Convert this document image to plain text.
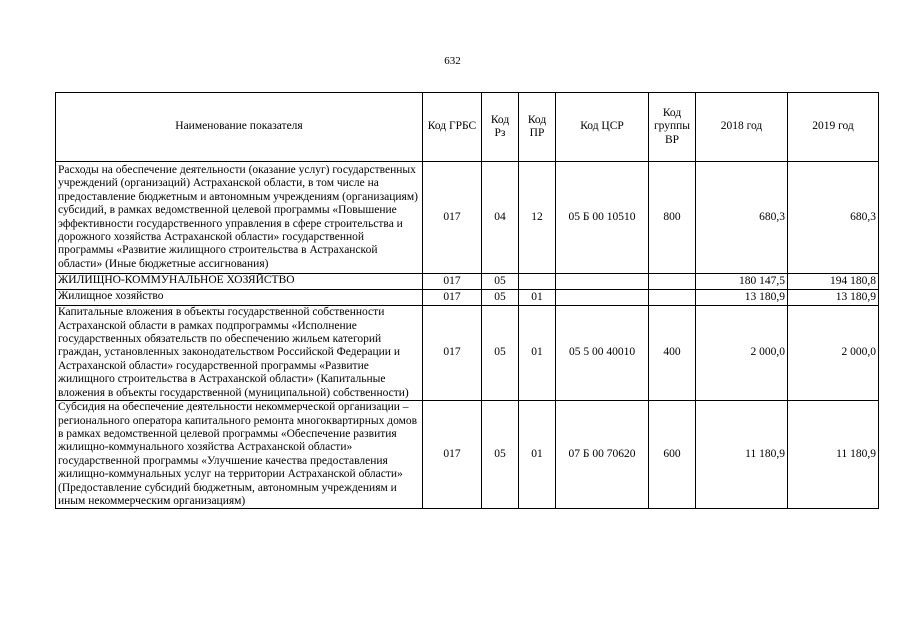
632
Наименование показателя	Код ГРБС	Код Рз	Код ПР	Код ЦСР	Код группы ВР	2018 год	2019 год
Расходы на обеспечение деятельности (оказание услуг) государственных учреждений (организаций) Астраханской области, в том числе на предоставление бюджетным и автономным учреждениям (организациям) субсидий, в рамках ведомственной целевой программы «Повышение эффективности государственного управления в сфере строительства и дорожного хозяйства Астраханской области» государственной программы «Развитие жилищного строительства в Астраханской области» (Иные бюджетные ассигнования)	017	04	12	05 Б 00 10510	800	680,3	680,3
ЖИЛИЩНО-КОММУНАЛЬНОЕ ХОЗЯЙСТВО	017	05				180 147,5	194 180,8
Жилищное хозяйство	017	05	01			13 180,9	13 180,9
Капитальные вложения в объекты государственной собственности Астраханской области в рамках подпрограммы «Исполнение государственных обязательств по обеспечению жильем категорий граждан, установленных законодательством Российской Федерации и Астраханской области» государственной программы «Развитие жилищного строительства в Астраханской области» (Капитальные вложения в объекты государственной (муниципальной) собственности)	017	05	01	05 5 00 40010	400	2 000,0	2 000,0
Субсидия на обеспечение деятельности некоммерческой организации – регионального оператора капитального ремонта многоквартирных домов в рамках ведомственной целевой программы «Обеспечение развития жилищно-коммунального хозяйства Астраханской области» государственной программы «Улучшение качества предоставления жилищно-коммунальных услуг на территории Астраханской области» (Предоставление субсидий бюджетным, автономным учреждениям и иным некоммерческим организациям)	017	05	01	07 Б 00 70620	600	11 180,9	11 180,9
